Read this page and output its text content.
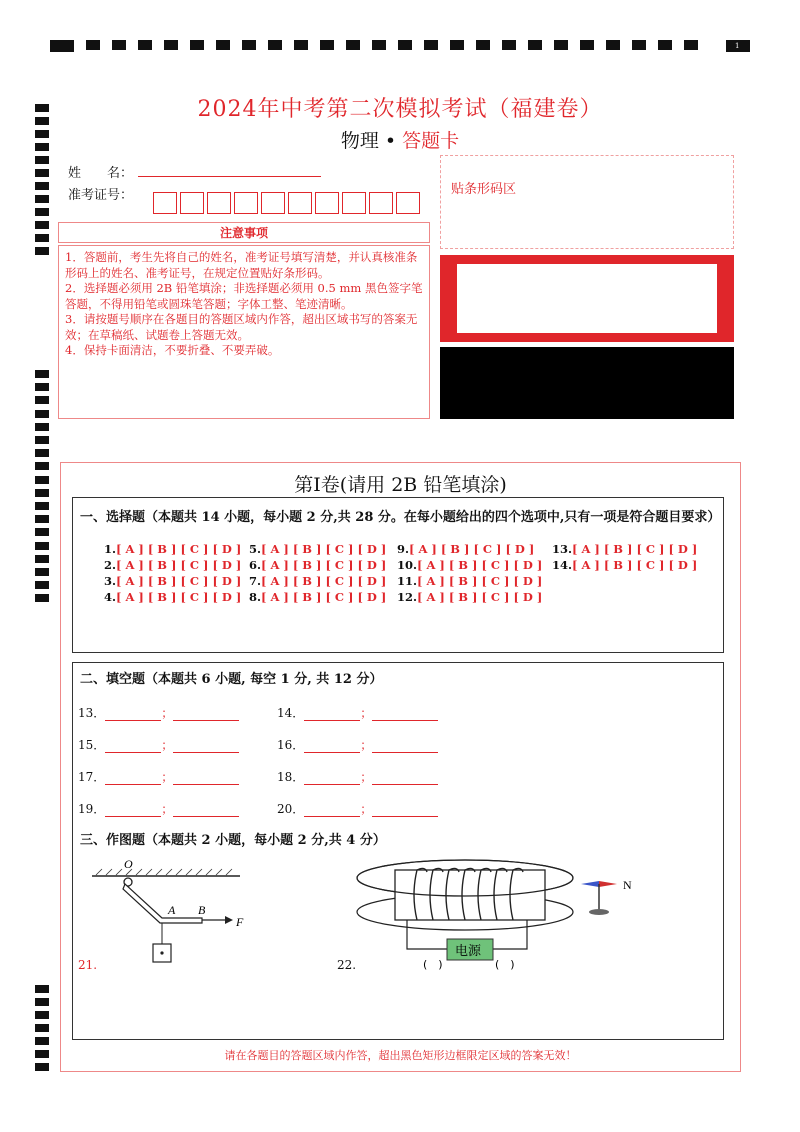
1
2024年中考第二次模拟考试（福建卷）
物理 • 答题卡
姓　　名：
准考证号：
注意事项
1．答题前，考生先将自己的姓名，准考证号填写清楚，并认真核准条形码上的姓名、准考证号，在规定位置贴好条形码。
2．选择题必须用 2B 铅笔填涂；非选择题必须用 0.5 mm 黑色签字笔答题，不得用铅笔或圆珠笔答题；字体工整、笔迹清晰。
3．请按题号顺序在各题目的答题区域内作答，超出区域书写的答案无效；在草稿纸、试题卷上答题无效。
4．保持卡面清洁，不要折叠、不要弄破。
贴条形码区
第Ⅰ卷(请用 2B 铅笔填涂)
一、选择题（本题共 14 小题，每小题 2 分,共 28 分。在每小题给出的四个选项中,只有一项是符合题目要求）
1.[ A ] [ B ] [ C ] [ D ]
2.[ A ] [ B ] [ C ] [ D ]
3.[ A ] [ B ] [ C ] [ D ]
4.[ A ] [ B ] [ C ] [ D ]
5.[ A ] [ B ] [ C ] [ D ]
6.[ A ] [ B ] [ C ] [ D ]
7.[ A ] [ B ] [ C ] [ D ]
8.[ A ] [ B ] [ C ] [ D ]
9.[ A ] [ B ] [ C ] [ D ]
10.[ A ] [ B ] [ C ] [ D ]
11.[ A ] [ B ] [ C ] [ D ]
12.[ A ] [ B ] [ C ] [ D ]
13.[ A ] [ B ] [ C ] [ D ]
14.[ A ] [ B ] [ C ] [ D ]
二、填空题（本题共 6 小题, 每空 1 分, 共 12 分）
13．	；	14．	；
15．	；	16．	；
17．	；	18．	；
19．	；	20．	；
三、作图题（本题共 2 小题，每小题 2 分,共 4 分）
O
A B
F
21.
电源
(　)	(　)
N
22.
请在各题目的答题区域内作答，超出黑色矩形边框限定区域的答案无效！
